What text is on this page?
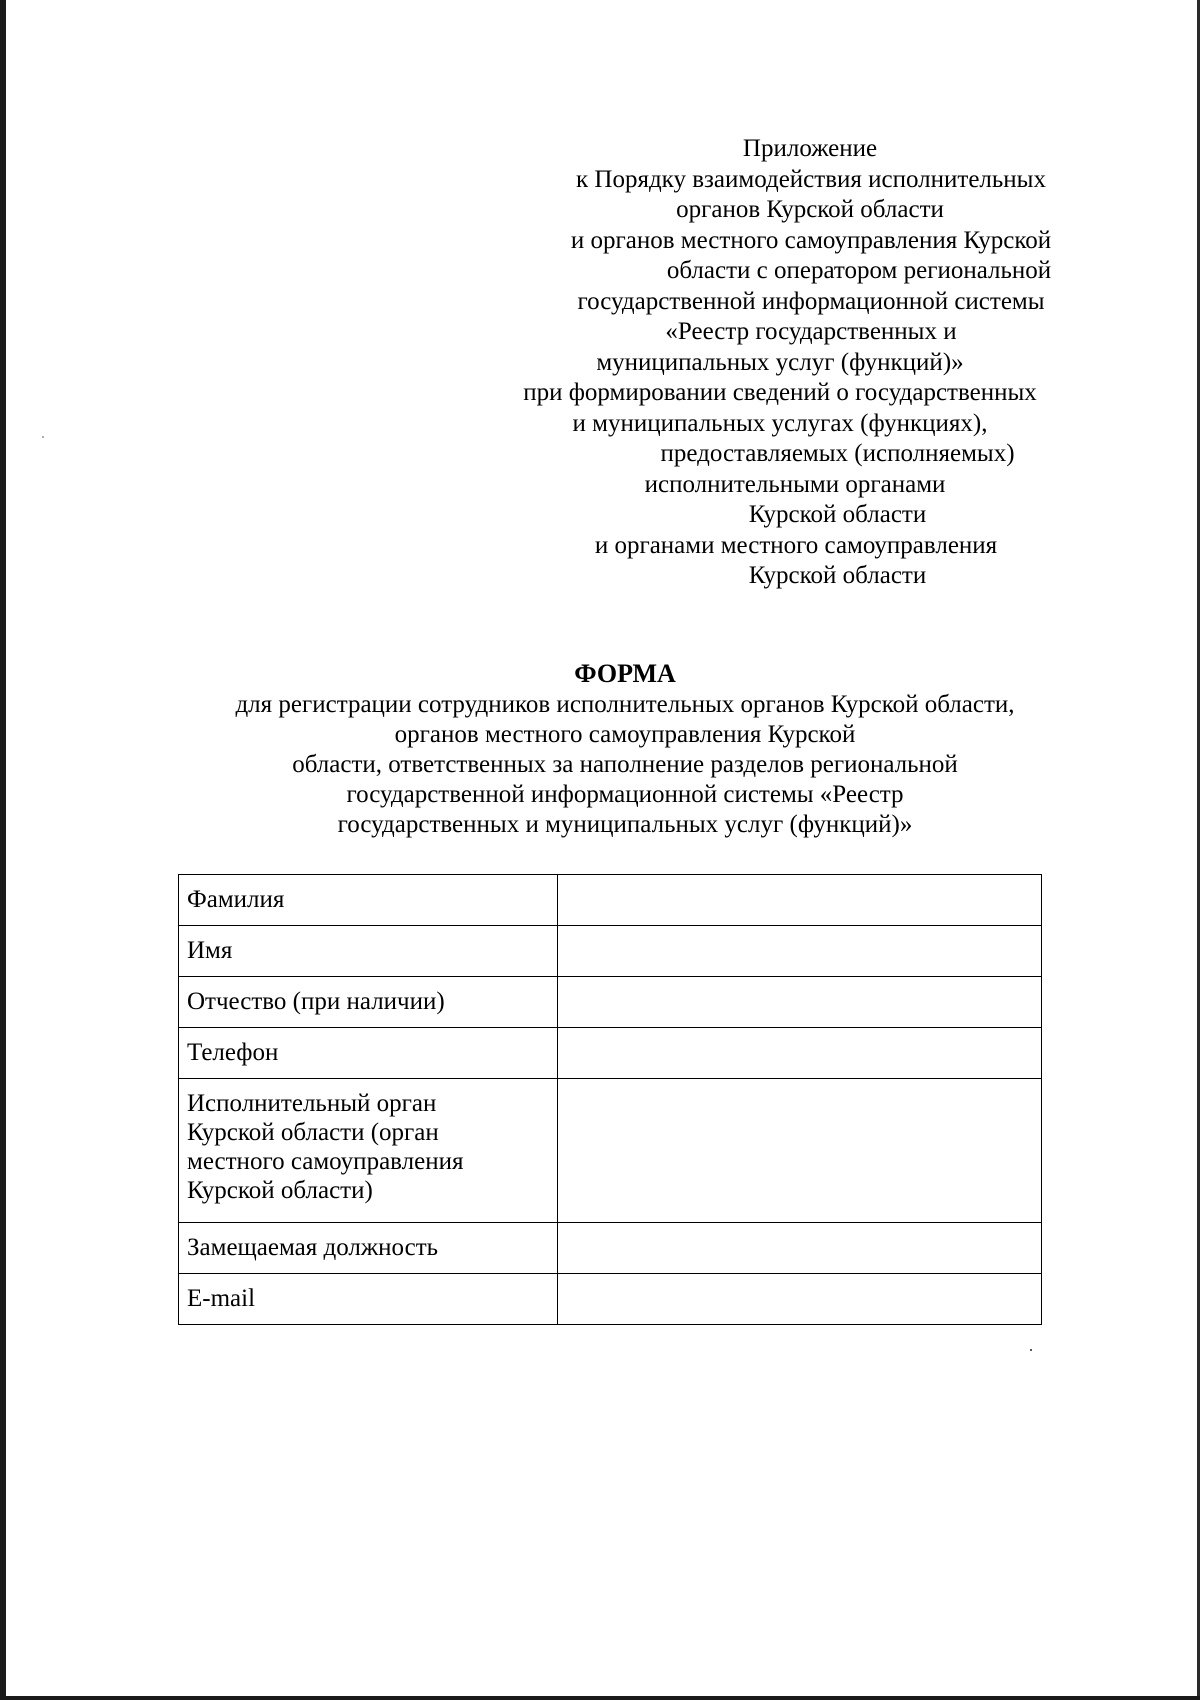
Приложение
к Порядку взаимодействия исполнительных
органов Курской области
и органов местного самоуправления Курской
области с оператором региональной
государственной информационной системы
«Реестр государственных и
муниципальных услуг (функций)»
при формировании сведений о государственных
и муниципальных услугах (функциях),
предоставляемых (исполняемых)
исполнительными органами
Курской области
и органами местного самоуправления
Курской области
ФОРМА
для регистрации сотрудников исполнительных органов Курской области,
органов местного самоуправления Курской
области, ответственных за наполнение разделов региональной
государственной информационной системы «Реестр
государственных и муниципальных услуг (функций)»
Фамилия	
Имя	
Отчество (при наличии)	
Телефон	

Исполнительный орган
Курской области (орган
местного самоуправления
Курской области)	

Замещаемая должность	
E-mail	
